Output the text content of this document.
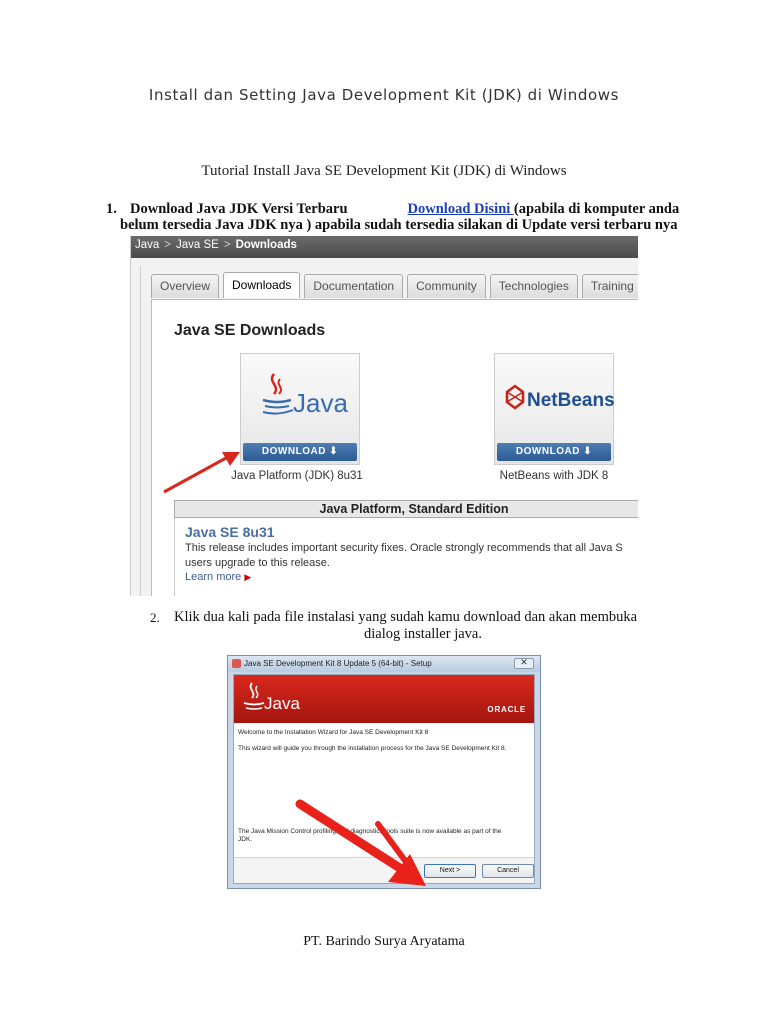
Install dan Setting Java Development Kit (JDK) di Windows
Tutorial Install Java SE Development Kit (JDK) di Windows
1. Download Java JDK Versi Terbaru	Download Disini (apabila di komputer anda
belum tersedia Java JDK nya ) apabila sudah tersedia silakan di Update versi terbaru nya
Java > Java SE > Downloads
Overview	Downloads	Documentation	Community	Technologies	Training
Java SE Downloads
Java
DOWNLOAD ⬇
Java Platform (JDK) 8u31
NetBeans
DOWNLOAD ⬇
NetBeans with JDK 8
Java Platform, Standard Edition
Java SE 8u31
This release includes important security fixes. Oracle strongly recommends that all Java S
users upgrade to this release.
Learn more ▶
2. Klik dua kali pada file instalasi yang sudah kamu download dan akan membuka
dialog installer java.
Java SE Development Kit 8 Update 5 (64-bit) - Setup	✕
Java	ORACLE
Welcome to the Installation Wizard for Java SE Development Kit 8
This wizard will guide you through the installation process for the Java SE Development Kit 8.
The Java Mission Control profiling and diagnostics tools suite is now available as part of the JDK.
Next >	Cancel
PT. Barindo Surya Aryatama
